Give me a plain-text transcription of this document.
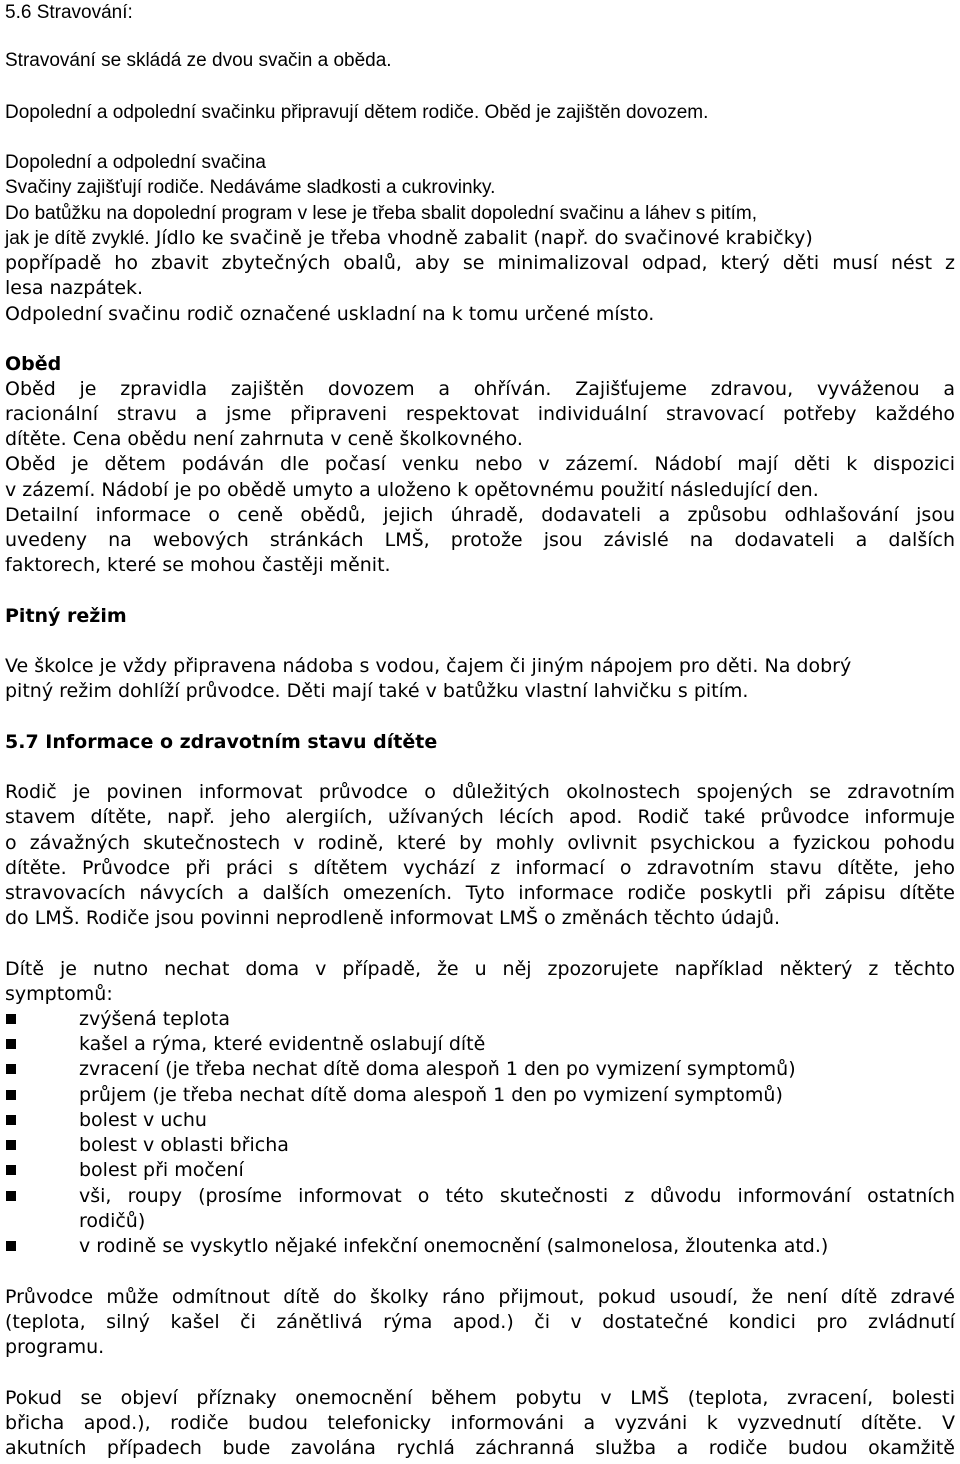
5.6 Stravování:

Stravování se skládá ze dvou svačin a oběda.

Dopolední a odpolední svačinku připravují dětem rodiče. Oběd je zajištěn dovozem.

Dopolední a odpolední svačina

Svačiny zajišťují rodiče. Nedáváme sladkosti a cukrovinky.

Do batůžku na dopolední program v lese je třeba sbalit dopolední svačinu a láhev s pitím,

jak je dítě zvyklé. Jídlo ke svačině je třeba vhodně zabalit (např. do svačinové krabičky)

popřípadě ho zbavit zbytečných obalů, aby se minimalizoval odpad, který děti musí nést z

lesa nazpátek.

Odpolední svačinu rodič označené uskladní na k tomu určené místo.

Oběd

Oběd je zpravidla zajištěn dovozem a ohříván. Zajišťujeme zdravou, vyváženou a

racionální stravu a jsme připraveni respektovat individuální stravovací potřeby každého

dítěte. Cena obědu není zahrnuta v ceně školkovného.

Oběd je dětem podáván dle počasí venku nebo v zázemí. Nádobí mají děti k dispozici

v zázemí. Nádobí je po obědě umyto a uloženo k opětovnému použití následující den.

Detailní informace o ceně obědů, jejich úhradě, dodavateli a způsobu odhlašování jsou

uvedeny na webových stránkách LMŠ, protože jsou závislé na dodavateli a dalších

faktorech, které se mohou častěji měnit.

Pitný režim

Ve školce je vždy připravena nádoba s vodou, čajem či jiným nápojem pro děti. Na dobrý

pitný režim dohlíží průvodce. Děti mají také v batůžku vlastní lahvičku s pitím.

5.7 Informace o zdravotním stavu dítěte

Rodič je povinen informovat průvodce o důležitých okolnostech spojených se zdravotním

stavem dítěte, např. jeho alergiích, užívaných lécích apod. Rodič také průvodce informuje

o závažných skutečnostech v rodině, které by mohly ovlivnit psychickou a fyzickou pohodu

dítěte. Průvodce při práci s dítětem vychází z informací o zdravotním stavu dítěte, jeho

stravovacích návycích a dalších omezeních. Tyto informace rodiče poskytli při zápisu dítěte

do LMŠ. Rodiče jsou povinni neprodleně informovat LMŠ o změnách těchto údajů.

Dítě je nutno nechat doma v případě, že u něj zpozorujete například některý z těchto

symptomů:

zvýšená teplota

kašel a rýma, které evidentně oslabují dítě

zvracení (je třeba nechat dítě doma alespoň 1 den po vymizení symptomů)

průjem (je třeba nechat dítě doma alespoň 1 den po vymizení symptomů)

bolest v uchu

bolest v oblasti břicha

bolest při močení

vši, roupy (prosíme informovat o této skutečnosti z důvodu informování ostatních

rodičů)

v rodině se vyskytlo nějaké infekční onemocnění (salmonelosa, žloutenka atd.)

Průvodce může odmítnout dítě do školky ráno přijmout, pokud usoudí, že není dítě zdravé

(teplota, silný kašel či zánětlivá rýma apod.) či v dostatečné kondici pro zvládnutí

programu.

Pokud se objeví příznaky onemocnění během pobytu v LMŠ (teplota, zvracení, bolesti

břicha apod.), rodiče budou telefonicky informováni a vyzváni k vyzvednutí dítěte. V

akutních případech bude zavolána rychlá záchranná služba a rodiče budou okamžitě
